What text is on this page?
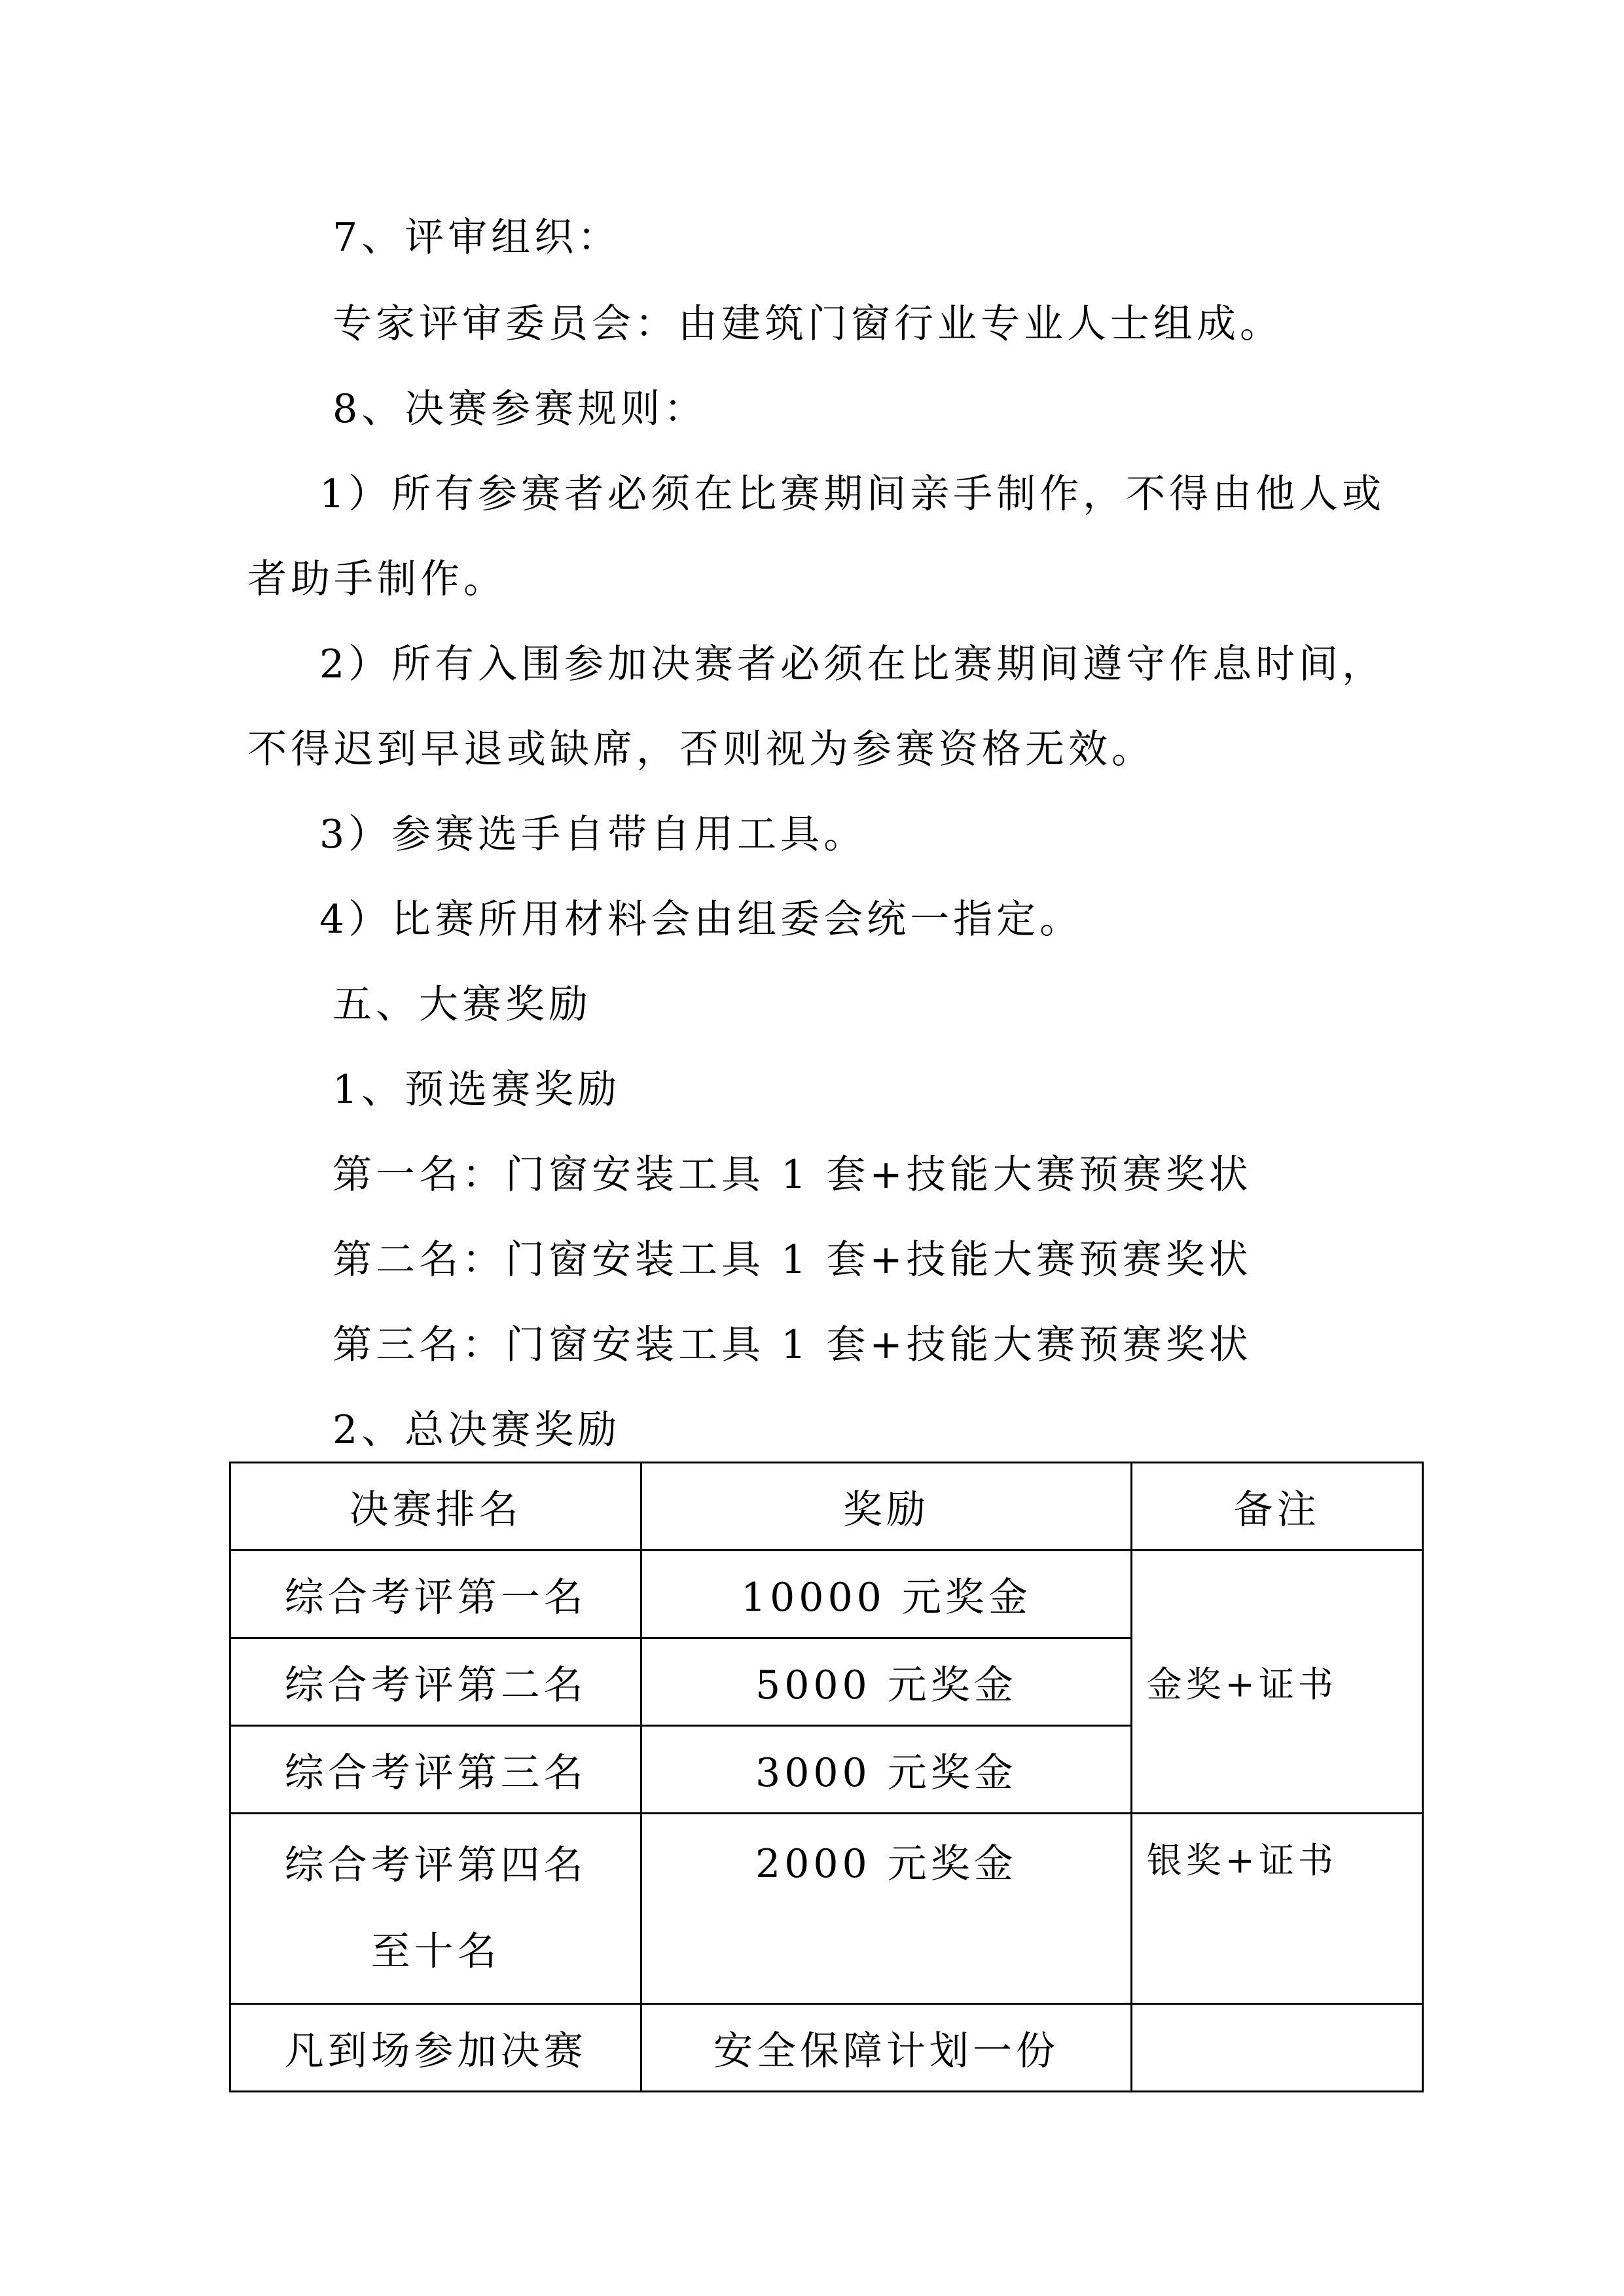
7、评审组织：
专家评审委员会：由建筑门窗行业专业人士组成。
8、决赛参赛规则：
1）所有参赛者必须在比赛期间亲手制作，不得由他人或
者助手制作。
2）所有入围参加决赛者必须在比赛期间遵守作息时间，
不得迟到早退或缺席，否则视为参赛资格无效。
3）参赛选手自带自用工具。
4）比赛所用材料会由组委会统一指定。
五、大赛奖励
1、预选赛奖励
第一名：门窗安装工具 1 套+技能大赛预赛奖状
第二名：门窗安装工具 1 套+技能大赛预赛奖状
第三名：门窗安装工具 1 套+技能大赛预赛奖状
2、总决赛奖励
决赛排名	奖励	备注
综合考评第一名	10000 元奖金	金奖+证书
综合考评第二名	5000 元奖金	
综合考评第三名	3000 元奖金	

综合考评第四名
至十名	2000 元奖金	银奖+证书
凡到场参加决赛	安全保障计划一份	
